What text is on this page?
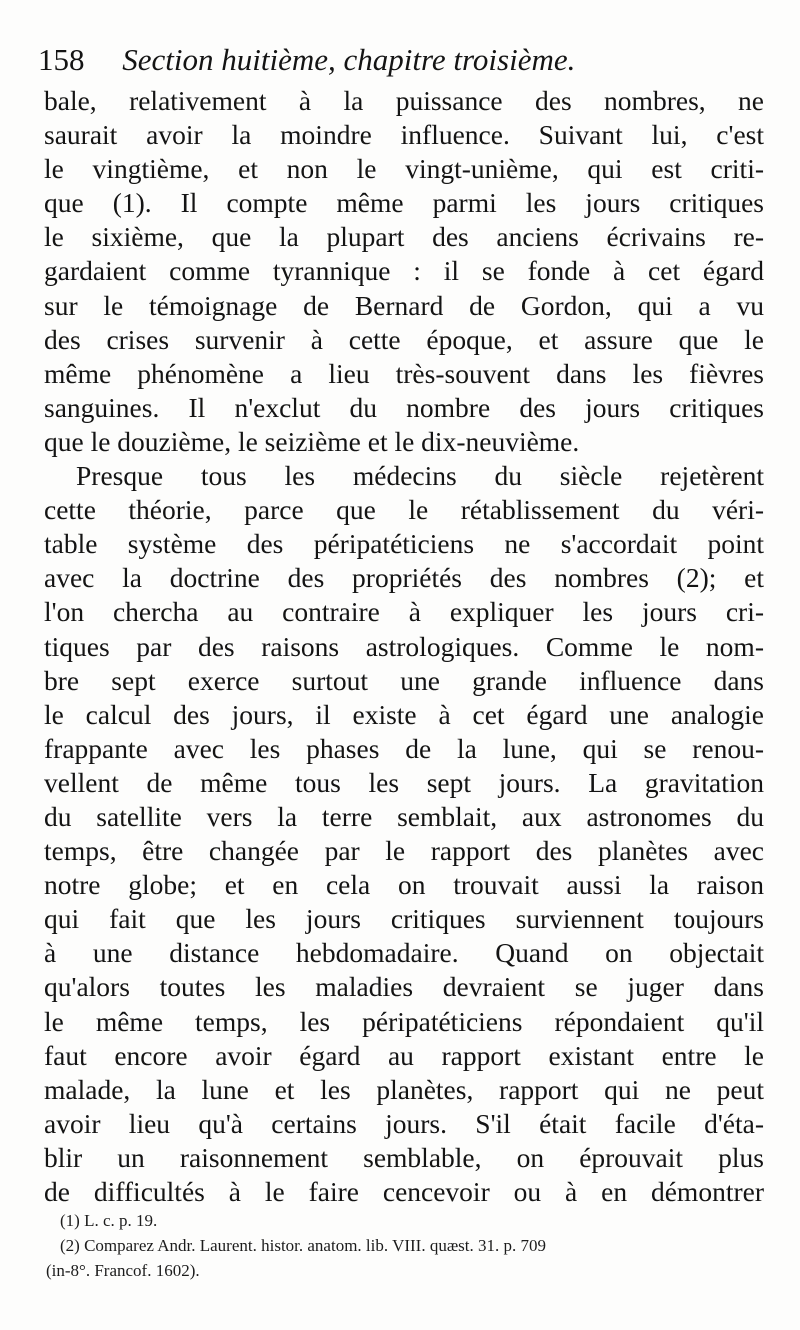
158 Section huitième, chapitre troisième.
bale, relativement à la puissance des nombres, ne
saurait avoir la moindre influence. Suivant lui, c'est
le vingtième, et non le vingt-unième, qui est criti-
que (1). Il compte même parmi les jours critiques
le sixième, que la plupart des anciens écrivains re-
gardaient comme tyrannique : il se fonde à cet égard
sur le témoignage de Bernard de Gordon, qui a vu
des crises survenir à cette époque, et assure que le
même phénomène a lieu très-souvent dans les fièvres
sanguines. Il n'exclut du nombre des jours critiques
que le douzième, le seizième et le dix-neuvième.
Presque tous les médecins du siècle rejetèrent
cette théorie, parce que le rétablissement du véri-
table système des péripatéticiens ne s'accordait point
avec la doctrine des propriétés des nombres (2); et
l'on chercha au contraire à expliquer les jours cri-
tiques par des raisons astrologiques. Comme le nom-
bre sept exerce surtout une grande influence dans
le calcul des jours, il existe à cet égard une analogie
frappante avec les phases de la lune, qui se renou-
vellent de même tous les sept jours. La gravitation
du satellite vers la terre semblait, aux astronomes du
temps, être changée par le rapport des planètes avec
notre globe; et en cela on trouvait aussi la raison
qui fait que les jours critiques surviennent toujours
à une distance hebdomadaire. Quand on objectait
qu'alors toutes les maladies devraient se juger dans
le même temps, les péripatéticiens répondaient qu'il
faut encore avoir égard au rapport existant entre le
malade, la lune et les planètes, rapport qui ne peut
avoir lieu qu'à certains jours. S'il était facile d'éta-
blir un raisonnement semblable, on éprouvait plus
de difficultés à le faire cencevoir ou à en démontrer
(1) L. c. p. 19.
(2) Comparez Andr. Laurent. histor. anatom. lib. VIII. quæst. 31. p. 709
(in-8°. Francof. 1602).
